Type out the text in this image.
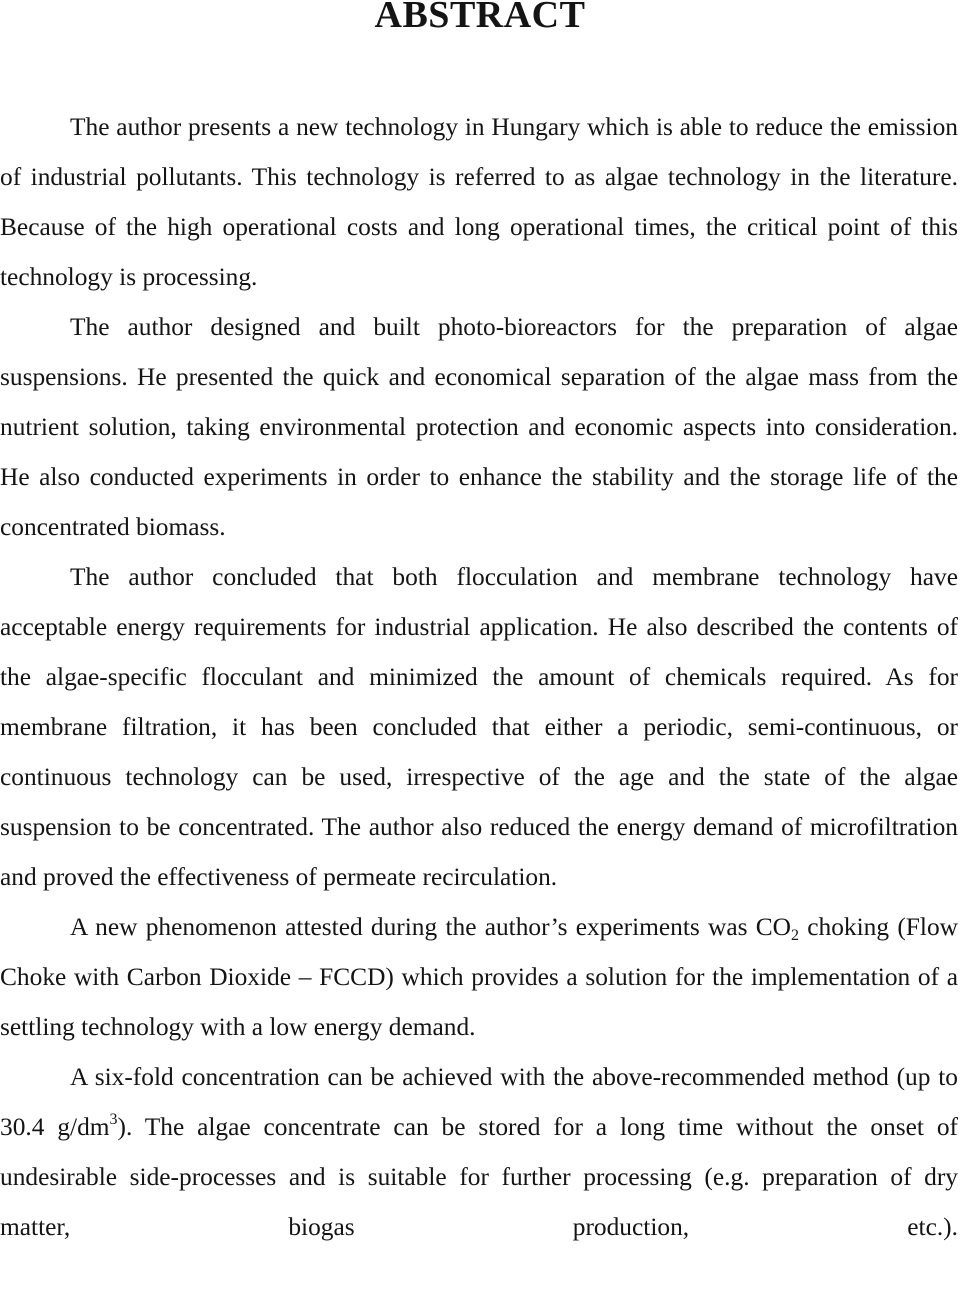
ABSTRACT

The author presents a new technology in Hungary which is able to reduce the emission of industrial pollutants. This technology is referred to as algae technology in the literature. Because of the high operational costs and long operational times, the critical point of this technology is processing.

The author designed and built photo-bioreactors for the preparation of algae suspensions. He presented the quick and economical separation of the algae mass from the nutrient solution, taking environmental protection and economic aspects into consideration. He also conducted experiments in order to enhance the stability and the storage life of the concentrated biomass.

The author concluded that both flocculation and membrane technology have acceptable energy requirements for industrial application. He also described the contents of the algae-specific flocculant and minimized the amount of chemicals required. As for membrane filtration, it has been concluded that either a periodic, semi-continuous, or continuous technology can be used, irrespective of the age and the state of the algae suspension to be concentrated. The author also reduced the energy demand of microfiltration and proved the effectiveness of permeate recirculation.

A new phenomenon attested during the author’s experiments was $CO_2$ choking (Flow Choke with Carbon Dioxide – FCCD) which provides a solution for the implementation of a settling technology with a low energy demand.

A six-fold concentration can be achieved with the above-recommended method (up to 30.4 $g/dm^3$). The algae concentrate can be stored for a long time without the onset of undesirable side-processes and is suitable for further processing (e.g. preparation of dry matter, biogas production, etc.).
